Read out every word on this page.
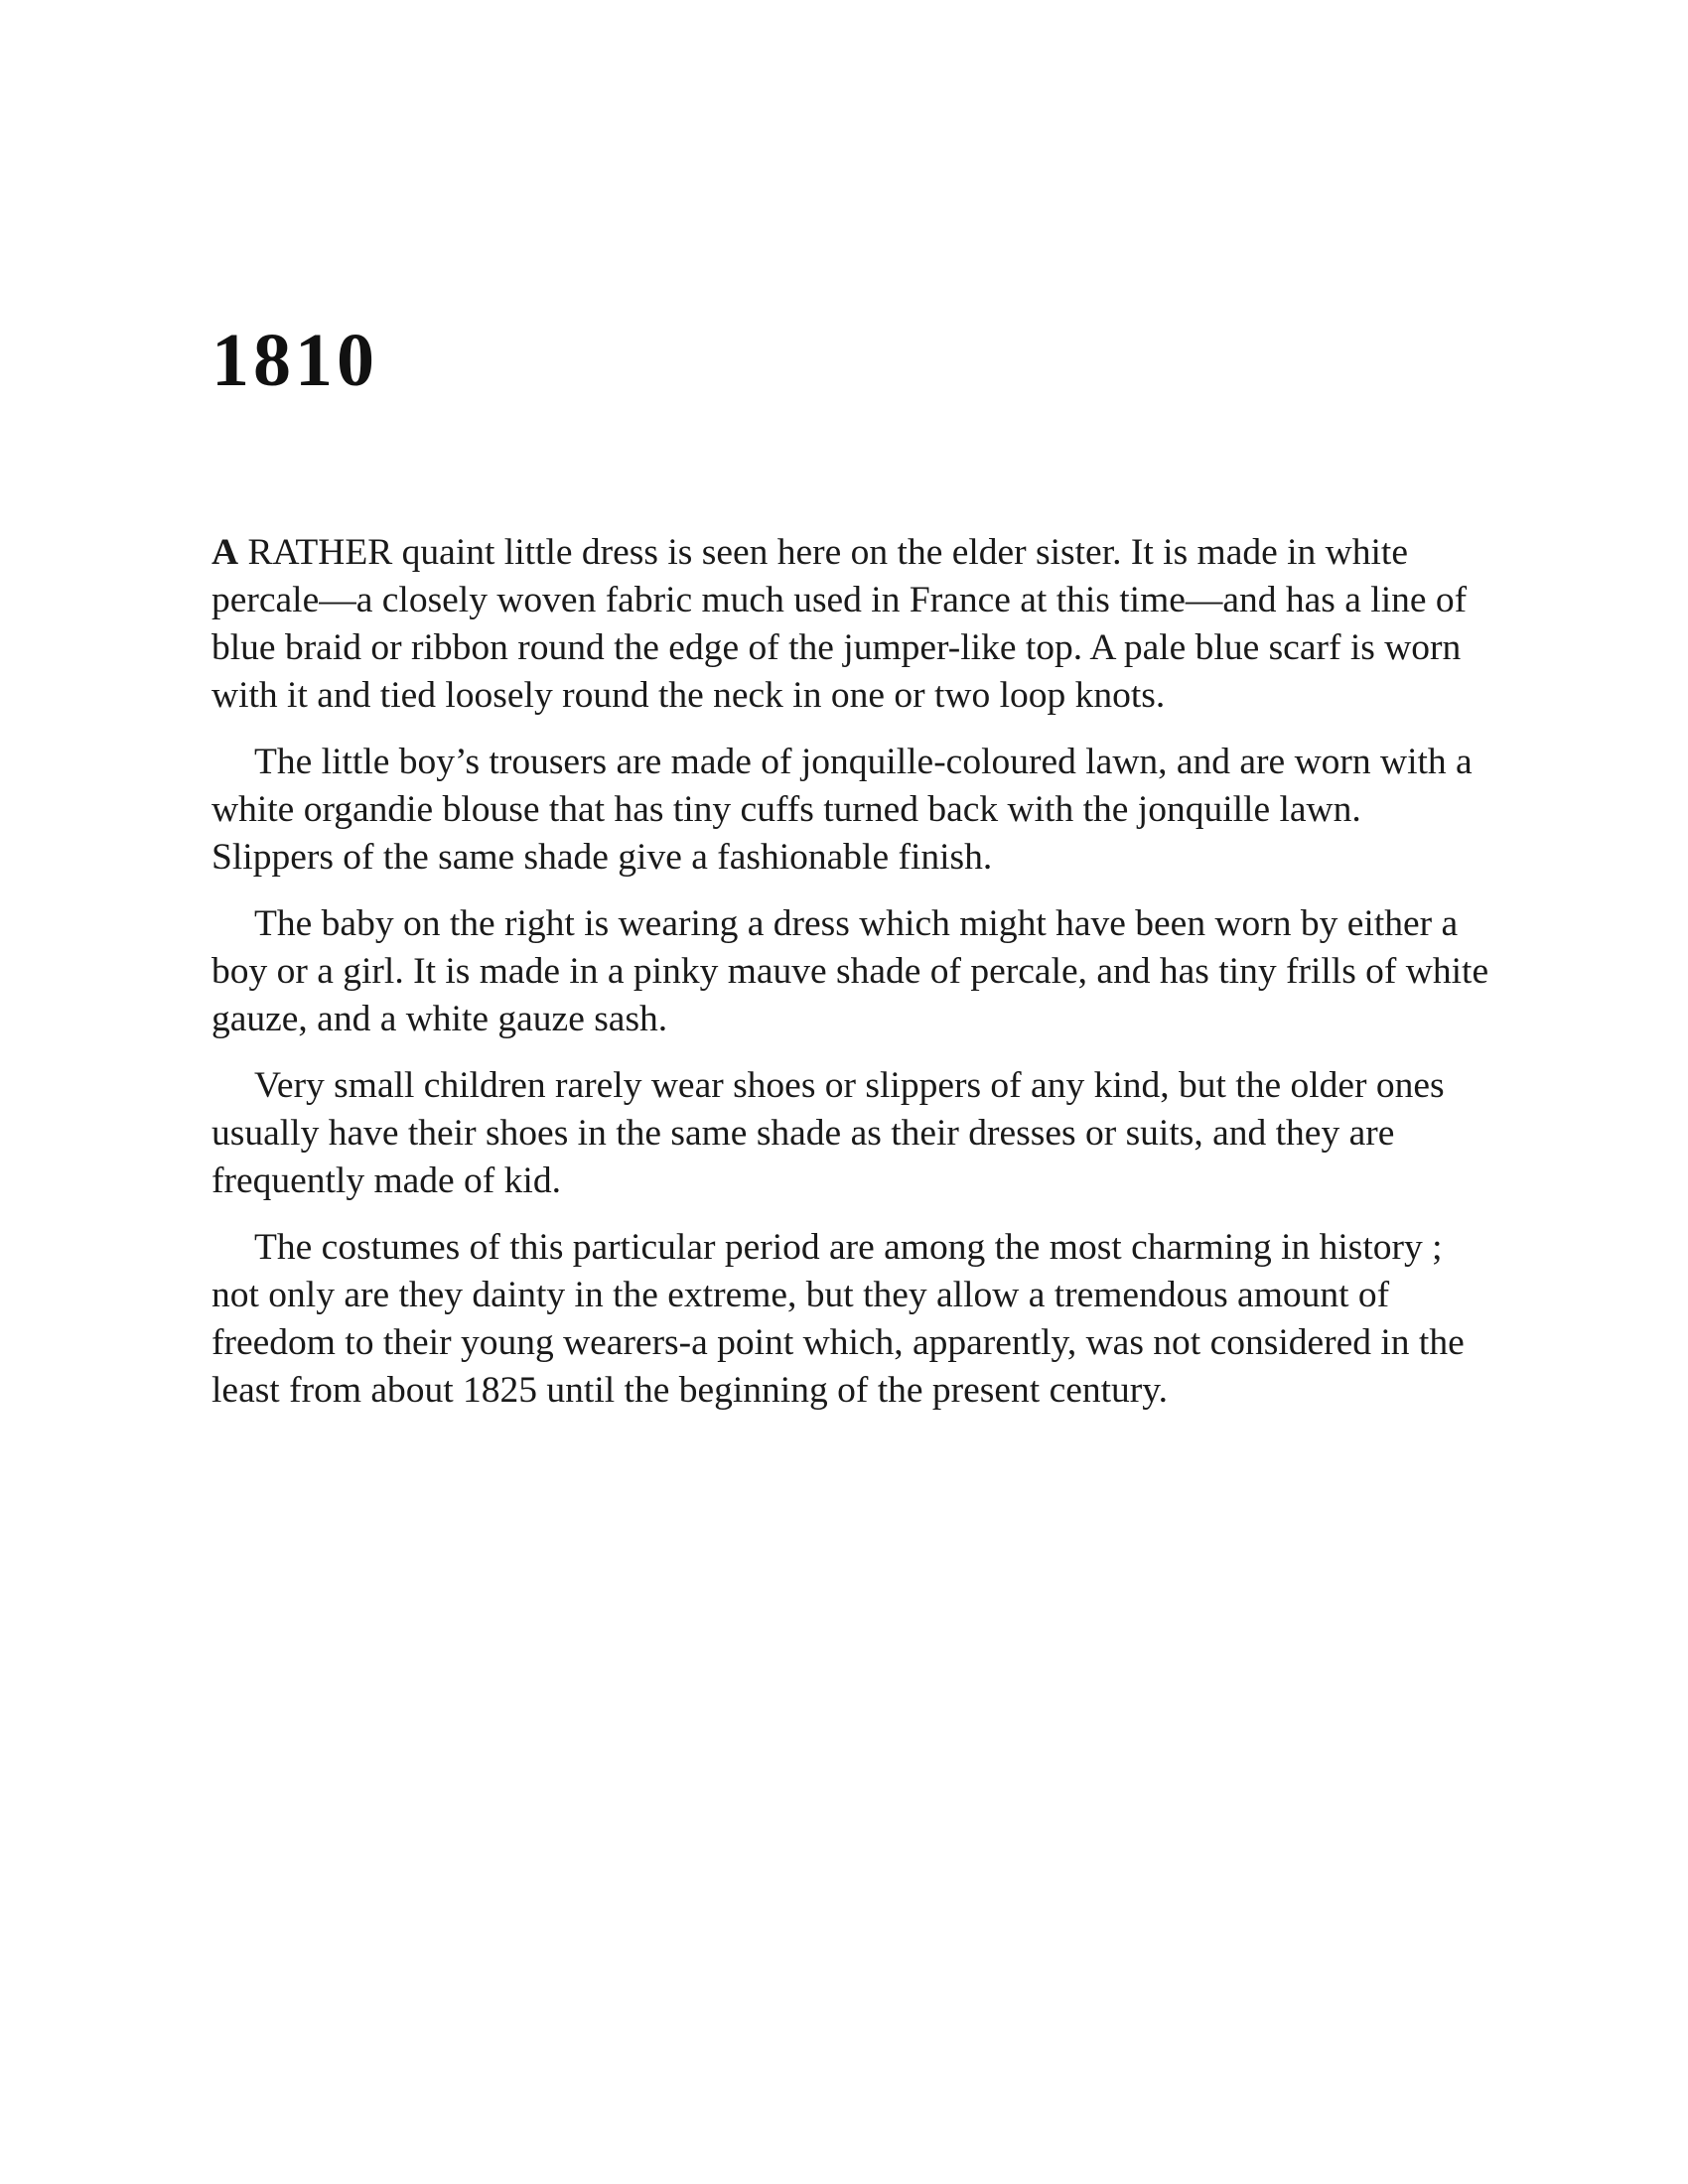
1810

A RATHER quaint little dress is seen here on the elder sister. It is made in white percale—a closely woven fabric much used in France at this time—and has a line of blue braid or ribbon round the edge of the jumper-like top. A pale blue scarf is worn with it and tied loosely round the neck in one or two loop knots.

The little boy’s trousers are made of jonquille-coloured lawn, and are worn with a white organdie blouse that has tiny cuffs turned back with the jonquille lawn. Slippers of the same shade give a fashionable finish.

The baby on the right is wearing a dress which might have been worn by either a boy or a girl. It is made in a pinky mauve shade of percale, and has tiny frills of white gauze, and a white gauze sash.

Very small children rarely wear shoes or slippers of any kind, but the older ones usually have their shoes in the same shade as their dresses or suits, and they are frequently made of kid.

The costumes of this particular period are among the most charming in history ; not only are they dainty in the extreme, but they allow a tremendous amount of freedom to their young wearers-a point which, apparently, was not considered in the least from about 1825 until the beginning of the present century.
